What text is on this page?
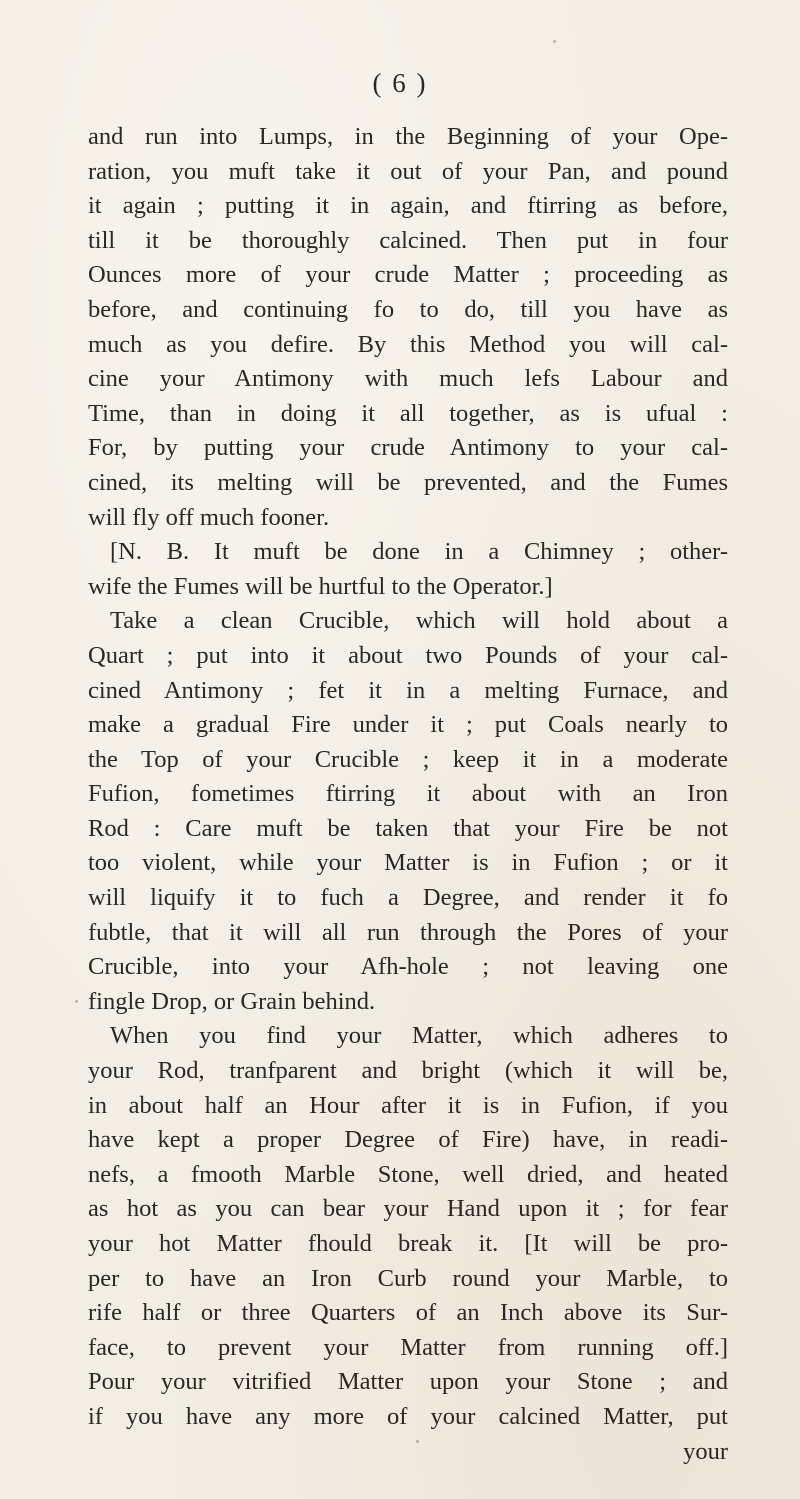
( 6 )
and run into Lumps, in the Beginning of your Ope-
ration, you muft take it out of your Pan, and pound
it again ; putting it in again, and ftirring as before,
till it be thoroughly calcined. Then put in four
Ounces more of your crude Matter ; proceeding as
before, and continuing fo to do, till you have as
much as you defire. By this Method you will cal-
cine your Antimony with much lefs Labour and
Time, than in doing it all together, as is ufual :
For, by putting your crude Antimony to your cal-
cined, its melting will be prevented, and the Fumes
will fly off much fooner.
[N. B. It muft be done in a Chimney ; other-
wife the Fumes will be hurtful to the Operator.]
Take a clean Crucible, which will hold about a
Quart ; put into it about two Pounds of your cal-
cined Antimony ; fet it in a melting Furnace, and
make a gradual Fire under it ; put Coals nearly to
the Top of your Crucible ; keep it in a moderate
Fufion, fometimes ftirring it about with an Iron
Rod : Care muft be taken that your Fire be not
too violent, while your Matter is in Fufion ; or it
will liquify it to fuch a Degree, and render it fo
fubtle, that it will all run through the Pores of your
Crucible, into your Afh-hole ; not leaving one
fingle Drop, or Grain behind.
When you find your Matter, which adheres to
your Rod, tranfparent and bright (which it will be,
in about half an Hour after it is in Fufion, if you
have kept a proper Degree of Fire) have, in readi-
nefs, a fmooth Marble Stone, well dried, and heated
as hot as you can bear your Hand upon it ; for fear
your hot Matter fhould break it. [It will be pro-
per to have an Iron Curb round your Marble, to
rife half or three Quarters of an Inch above its Sur-
face, to prevent your Matter from running off.]
Pour your vitrified Matter upon your Stone ; and
if you have any more of your calcined Matter, put
your
